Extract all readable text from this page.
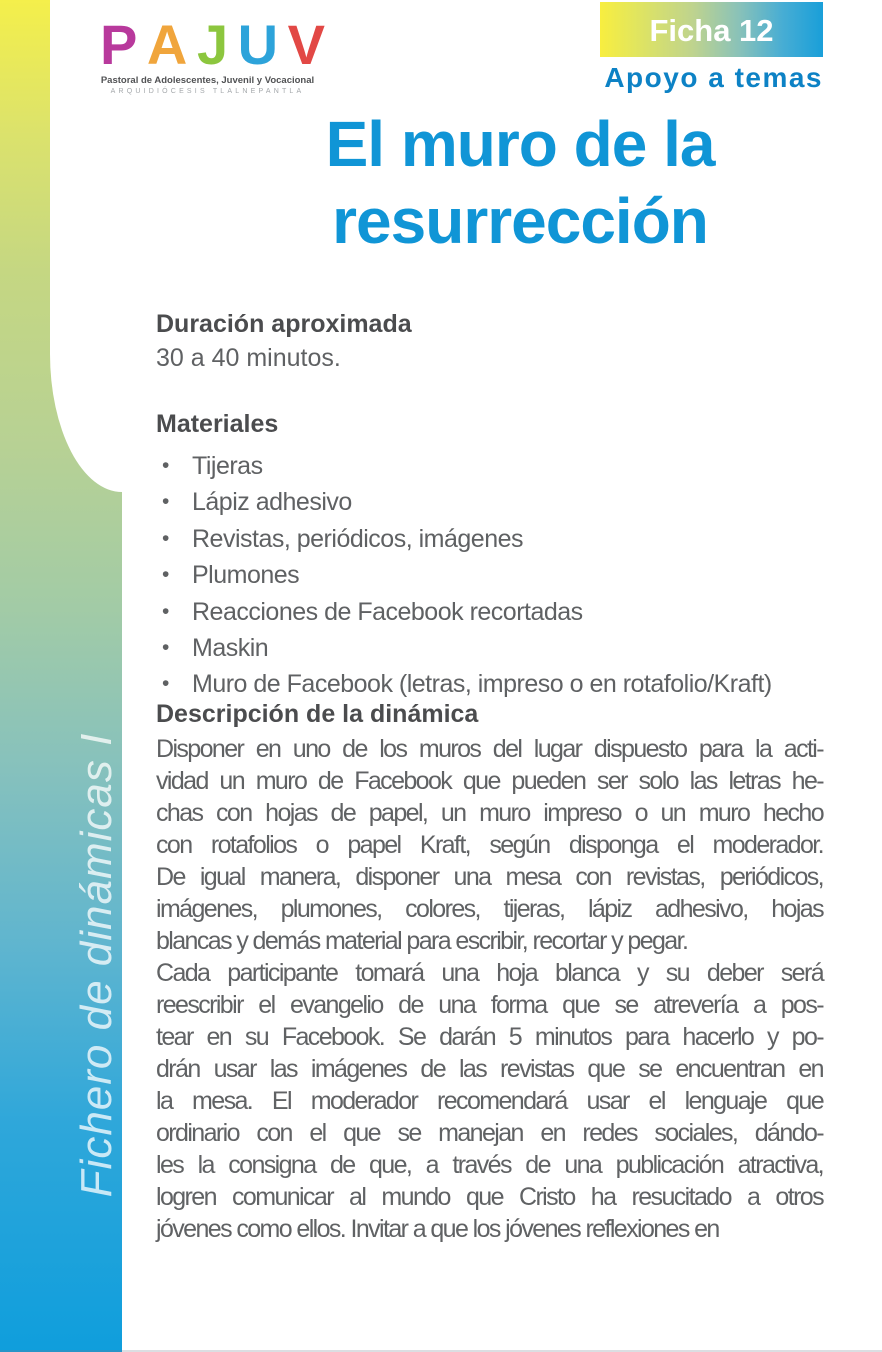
Fichero de dinámicas I
P A J U V
Pastoral de Adolescentes, Juvenil y Vocacional
ARQUIDIÓCESIS TLALNEPANTLA
Ficha 12
Apoyo a temas
El muro de la
resurrección
Duración aproximada
30 a 40 minutos.
Materiales
• Tijeras
• Lápiz adhesivo
• Revistas, periódicos, imágenes
• Plumones
• Reacciones de Facebook recortadas
• Maskin
• Muro de Facebook (letras, impreso o en rotafolio/Kraft)
Descripción de la dinámica
Disponer en uno de los muros del lugar dispuesto para la acti-
vidad un muro de Facebook que pueden ser solo las letras he-
chas con hojas de papel, un muro impreso o un muro hecho
con rotafolios o papel Kraft, según disponga el moderador.
De igual manera, disponer una mesa con revistas, periódicos,
imágenes, plumones, colores, tijeras, lápiz adhesivo, hojas
blancas y demás material para escribir, recortar y pegar.
Cada participante tomará una hoja blanca y su deber será
reescribir el evangelio de una forma que se atrevería a pos-
tear en su Facebook. Se darán 5 minutos para hacerlo y po-
drán usar las imágenes de las revistas que se encuentran en
la mesa. El moderador recomendará usar el lenguaje que
ordinario con el que se manejan en redes sociales, dándo-
les la consigna de que, a través de una publicación atractiva,
logren comunicar al mundo que Cristo ha resucitado a otros
jóvenes como ellos. Invitar a que los jóvenes reflexiones en
